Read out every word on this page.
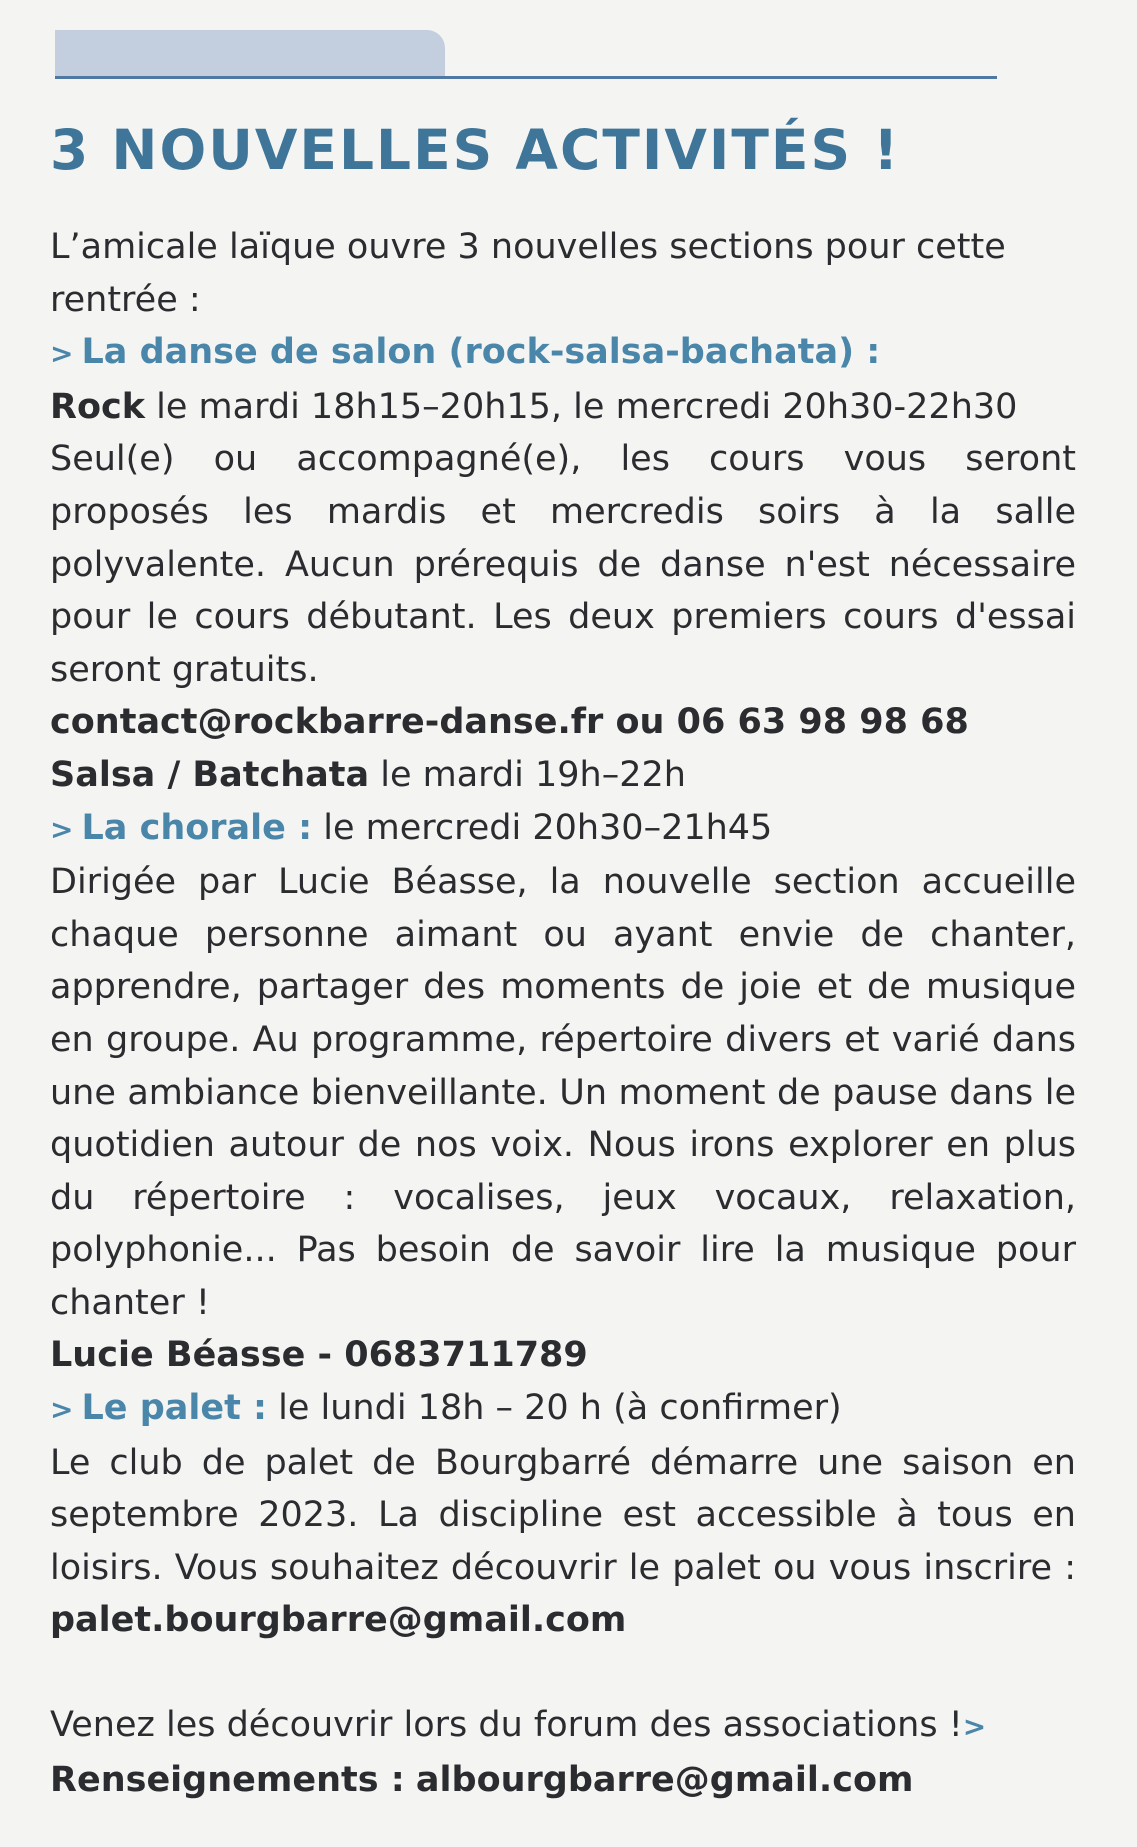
3 NOUVELLES ACTIVITÉS !

L’amicale laïque ouvre 3 nouvelles sections pour cette rentrée :

> La danse de salon (rock-salsa-bachata) :

Rock le mardi 18h15–20h15, le mercredi 20h30-22h30

Seul(e) ou accompagné(e), les cours vous seront proposés les mardis et mercredis soirs à la salle polyvalente. Aucun prérequis de danse n'est nécessaire pour le cours débutant. Les deux premiers cours d'essai seront gratuits.

contact@rockbarre-danse.fr ou 06 63 98 98 68

Salsa / Batchata le mardi 19h–22h

> La chorale : le mercredi 20h30–21h45

Dirigée par Lucie Béasse, la nouvelle section accueille chaque personne aimant ou ayant envie de chanter, apprendre, partager des moments de joie et de musique en groupe. Au programme, répertoire divers et varié dans une ambiance bienveillante. Un moment de pause dans le quotidien autour de nos voix. Nous irons explorer en plus du répertoire : vocalises, jeux vocaux, relaxation, polyphonie... Pas besoin de savoir lire la musique pour chanter !

Lucie Béasse - 0683711789

> Le palet : le lundi 18h – 20 h (à confirmer)

Le club de palet de Bourgbarré démarre une saison en septembre 2023. La discipline est accessible à tous en loisirs. Vous souhaitez découvrir le palet ou vous inscrire : palet.bourgbarre@gmail.com

Venez les découvrir lors du forum des associations !>

Renseignements : albourgbarre@gmail.com
